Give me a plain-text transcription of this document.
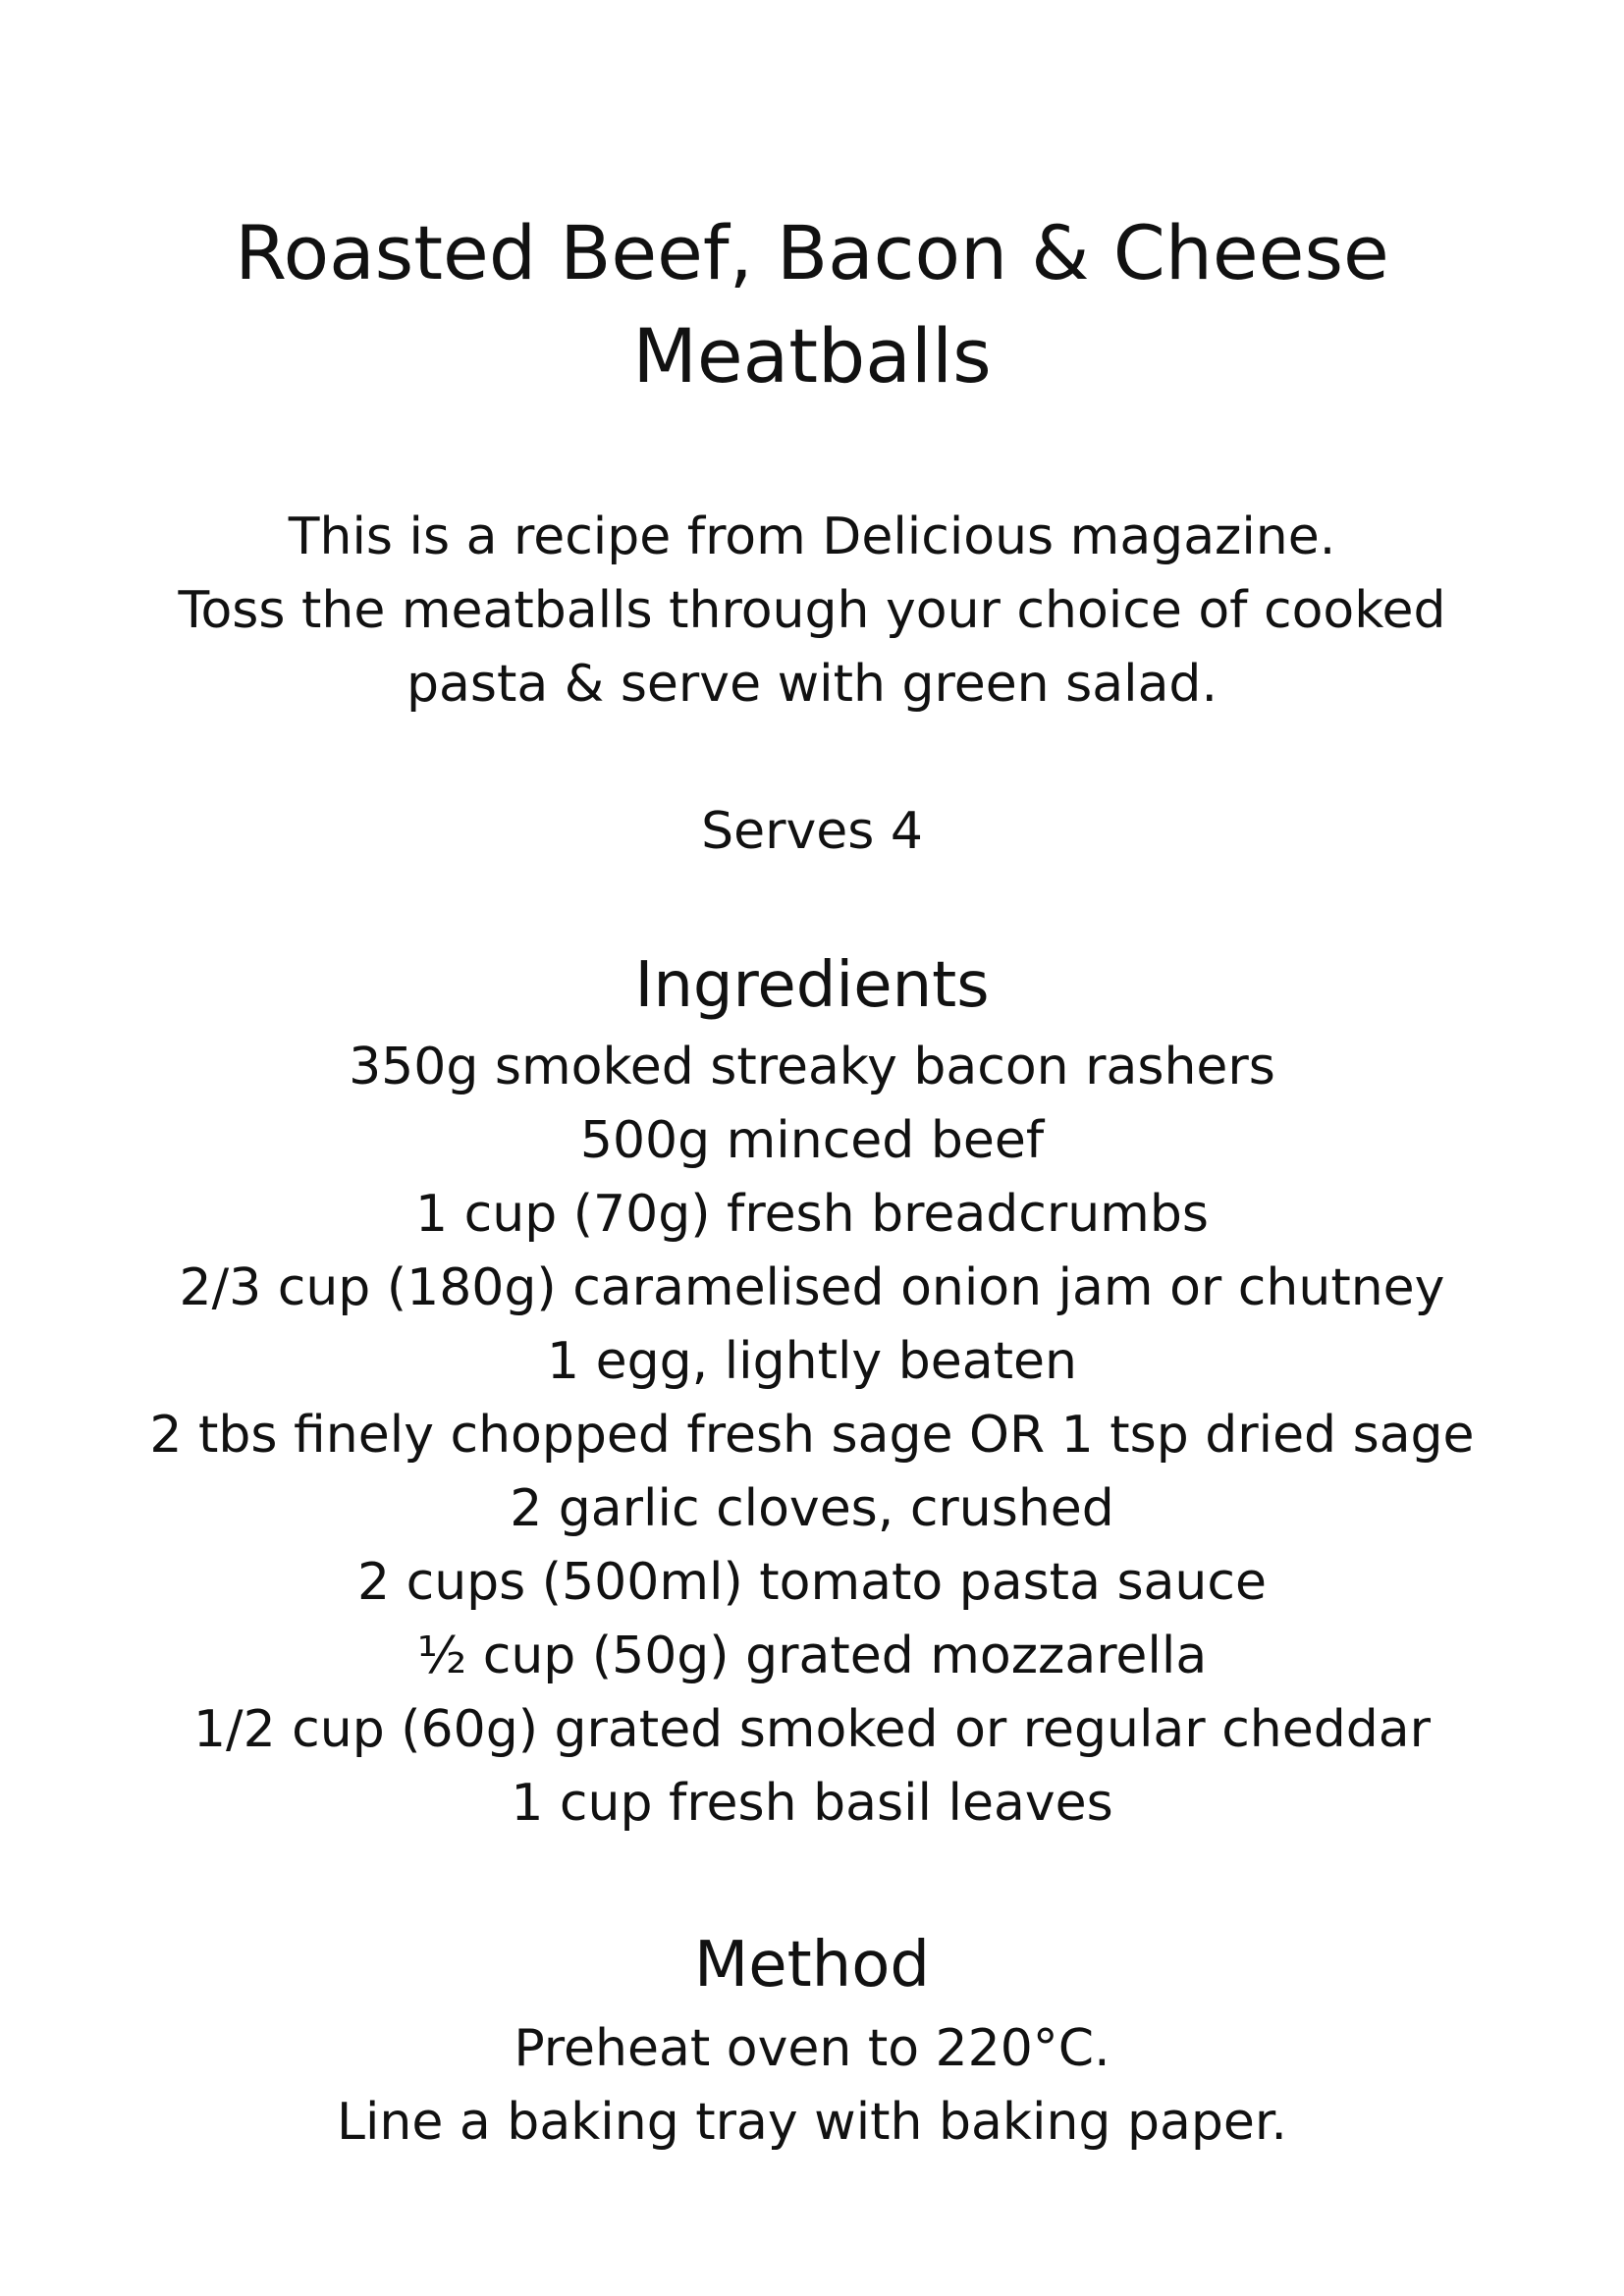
Roasted Beef, Bacon & Cheese
Meatballs
This is a recipe from Delicious magazine.
Toss the meatballs through your choice of cooked
pasta & serve with green salad.
Serves 4
Ingredients
350g smoked streaky bacon rashers
500g minced beef
1 cup (70g) fresh breadcrumbs
2/3 cup (180g) caramelised onion jam or chutney
1 egg, lightly beaten
2 tbs finely chopped fresh sage OR 1 tsp dried sage
2 garlic cloves, crushed
2 cups (500ml) tomato pasta sauce
½ cup (50g) grated mozzarella
1/2 cup (60g) grated smoked or regular cheddar
1 cup fresh basil leaves
Method
Preheat oven to 220°C.
Line a baking tray with baking paper.
